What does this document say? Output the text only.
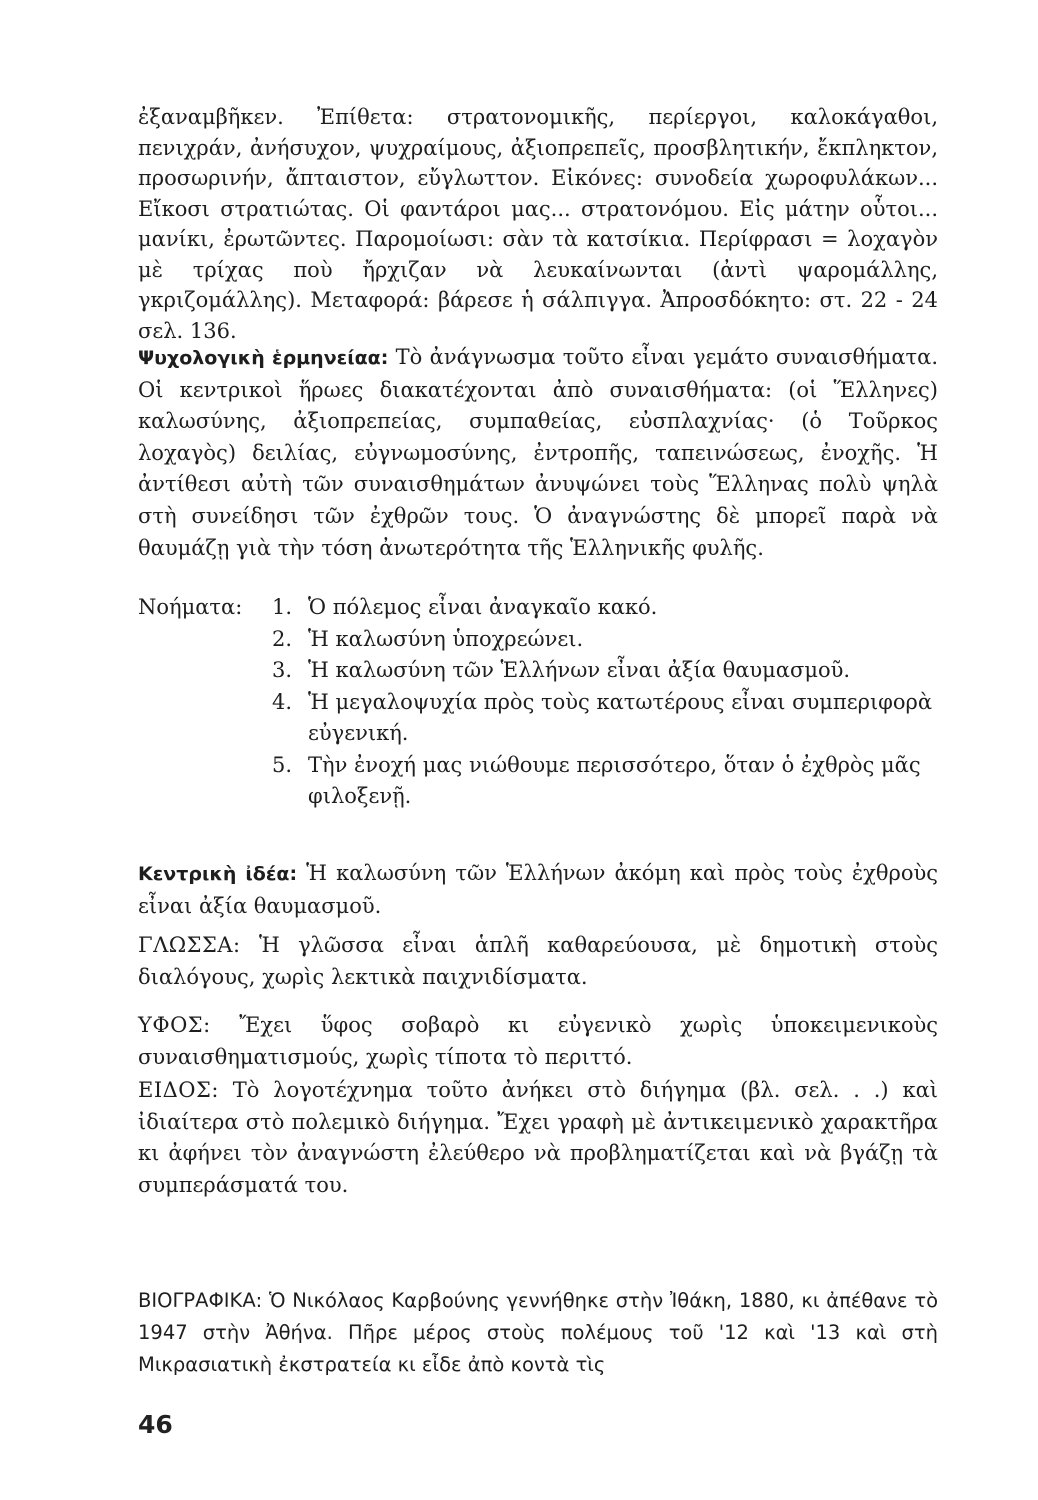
ἐξαναμβῆκεν. Ἐπίθετα: στρατονομικῆς, περίεργοι, καλοκάγαθοι, πενιχράν, ἀνήσυχον, ψυχραίμους, ἀξιοπρεπεῖς, προσβλητικήν, ἔκπληκτον, προσωρινήν, ἄπταιστον, εὔγλωττον. Εἰκόνες: συνοδεία χωροφυλάκων... Εἴκοσι στρατιώτας. Οἱ φαντάροι μας... στρατονόμου. Εἰς μάτην οὗτοι... μανίκι, ἐρωτῶντες. Παρομοίωσι: σὰν τὰ κατσίκια. Περίφρασι = λοχαγὸν μὲ τρίχας ποὺ ἤρχιζαν νὰ λευκαίνωνται (ἀντὶ ψαρομάλλης, γκριζομάλλης). Μεταφορά: βάρεσε ἡ σάλπιγγα. Ἀπροσδόκητο: στ. 22 - 24 σελ. 136.
Ψυχολογικὴ ἑρμηνείαα: Τὸ ἀνάγνωσμα τοῦτο εἶναι γεμάτο συναισθήματα. Οἱ κεντρικοὶ ἥρωες διακατέχονται ἀπὸ συναισθήματα: (οἱ Ἕλληνες) καλωσύνης, ἀξιοπρεπείας, συμπαθείας, εὐσπλαχνίας· (ὁ Τοῦρκος λοχαγὸς) δειλίας, εὐγνωμοσύνης, ἐντροπῆς, ταπεινώσεως, ἐνοχῆς. Ἡ ἀντίθεσι αὐτὴ τῶν συναισθημάτων ἀνυψώνει τοὺς Ἕλληνας πολὺ ψηλὰ στὴ συνείδησι τῶν ἐχθρῶν τους. Ὁ ἀναγνώστης δὲ μπορεῖ παρὰ νὰ θαυμάζῃ γιὰ τὴν τόση ἀνωτερότητα τῆς Ἑλληνικῆς φυλῆς.
Νοήματα:	1. Ὁ πόλεμος εἶναι ἀναγκαῖο κακό.
2. Ἡ καλωσύνη ὑποχρεώνει.
3. Ἡ καλωσύνη τῶν Ἑλλήνων εἶναι ἀξία θαυμασμοῦ.
4. Ἡ μεγαλοψυχία πρὸς τοὺς κατωτέρους εἶναι συμπεριφορὰ εὐγενική.
5. Τὴν ἐνοχή μας νιώθουμε περισσότερο, ὅταν ὁ ἐχθρὸς μᾶς φιλοξενῇ.
Κεντρικὴ ἰδέα: Ἡ καλωσύνη τῶν Ἑλλήνων ἀκόμη καὶ πρὸς τοὺς ἐχθροὺς εἶναι ἀξία θαυμασμοῦ.
ΓΛΩΣΣΑ: Ἡ γλῶσσα εἶναι ἁπλῆ καθαρεύουσα, μὲ δημοτικὴ στοὺς διαλόγους, χωρὶς λεκτικὰ παιχνιδίσματα.
ΥΦΟΣ: Ἔχει ὕφος σοβαρὸ κι εὐγενικὸ χωρὶς ὑποκειμενικοὺς συναισθηματισμούς, χωρὶς τίποτα τὸ περιττό.
ΕΙΔΟΣ: Τὸ λογοτέχνημα τοῦτο ἀνήκει στὸ διήγημα (βλ. σελ. . .) καὶ ἰδιαίτερα στὸ πολεμικὸ διήγημα. Ἔχει γραφὴ μὲ ἀντικειμενικὸ χαρακτῆρα κι ἀφήνει τὸν ἀναγνώστη ἐλεύθερο νὰ προβληματίζεται καὶ νὰ βγάζῃ τὰ συμπεράσματά του.
ΒΙΟΓΡΑΦΙΚΑ: Ὁ Νικόλαος Καρβούνης γεννήθηκε στὴν Ἰθάκη, 1880, κι ἀπέθανε τὸ 1947 στὴν Ἀθήνα. Πῆρε μέρος στοὺς πολέμους τοῦ '12 καὶ '13 καὶ στὴ Μικρασιατικὴ ἐκστρατεία κι εἶδε ἀπὸ κοντὰ τὶς
46
